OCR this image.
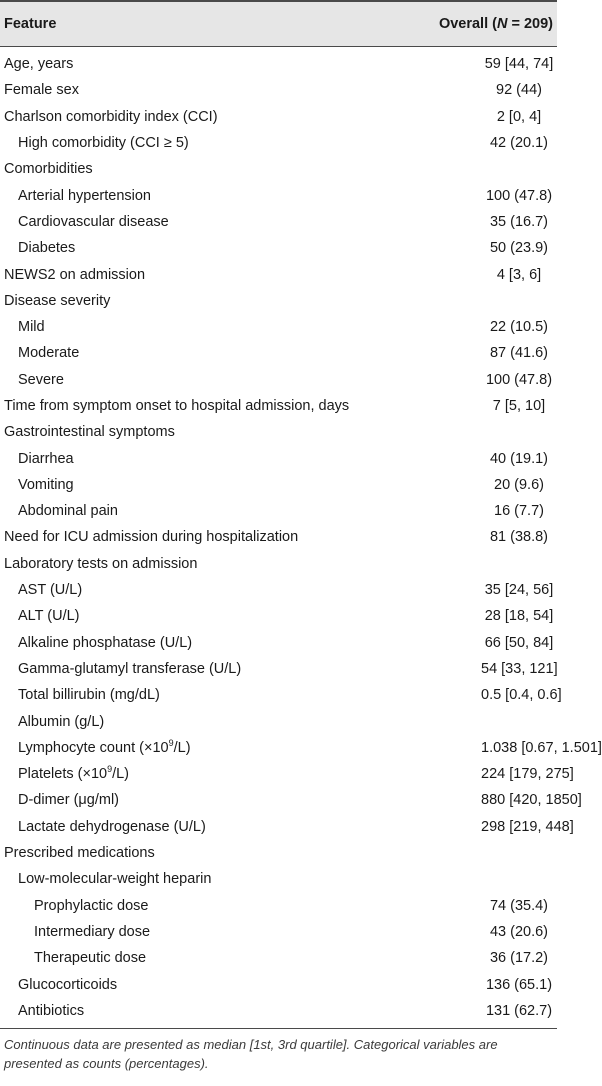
Feature	Overall (N = 209)
Age, years	59 [44, 74]
Female sex	92 (44)
Charlson comorbidity index (CCI)	2 [0, 4]
High comorbidity (CCI ≥ 5)	42 (20.1)
Comorbidities	
Arterial hypertension	100 (47.8)
Cardiovascular disease	35 (16.7)
Diabetes	50 (23.9)
NEWS2 on admission	4 [3, 6]
Disease severity	
Mild	22 (10.5)
Moderate	87 (41.6)
Severe	100 (47.8)
Time from symptom onset to hospital admission, days	7 [5, 10]
Gastrointestinal symptoms	
Diarrhea	40 (19.1)
Vomiting	20 (9.6)
Abdominal pain	16 (7.7)
Need for ICU admission during hospitalization	81 (38.8)
Laboratory tests on admission	
AST (U/L)	35 [24, 56]
ALT (U/L)	28 [18, 54]
Alkaline phosphatase (U/L)	66 [50, 84]
Gamma-glutamyl transferase (U/L)	54 [33, 121]
Total billirubin (mg/dL)	0.5 [0.4, 0.6]
Albumin (g/L)	
Lymphocyte count $(\times 10^9/L)$	1.038 [0.67, 1.501]
Platelets $(\times 10^9/L)$	224 [179, 275]
D-dimer (μg/ml)	880 [420, 1850]
Lactate dehydrogenase (U/L)	298 [219, 448]
Prescribed medications	
Low-molecular-weight heparin	
Prophylactic dose	74 (35.4)
Intermediary dose	43 (20.6)
Therapeutic dose	36 (17.2)
Glucocorticoids	136 (65.1)
Antibiotics	131 (62.7)
Continuous data are presented as median [1st, 3rd quartile]. Categorical variables are presented as counts (percentages).
